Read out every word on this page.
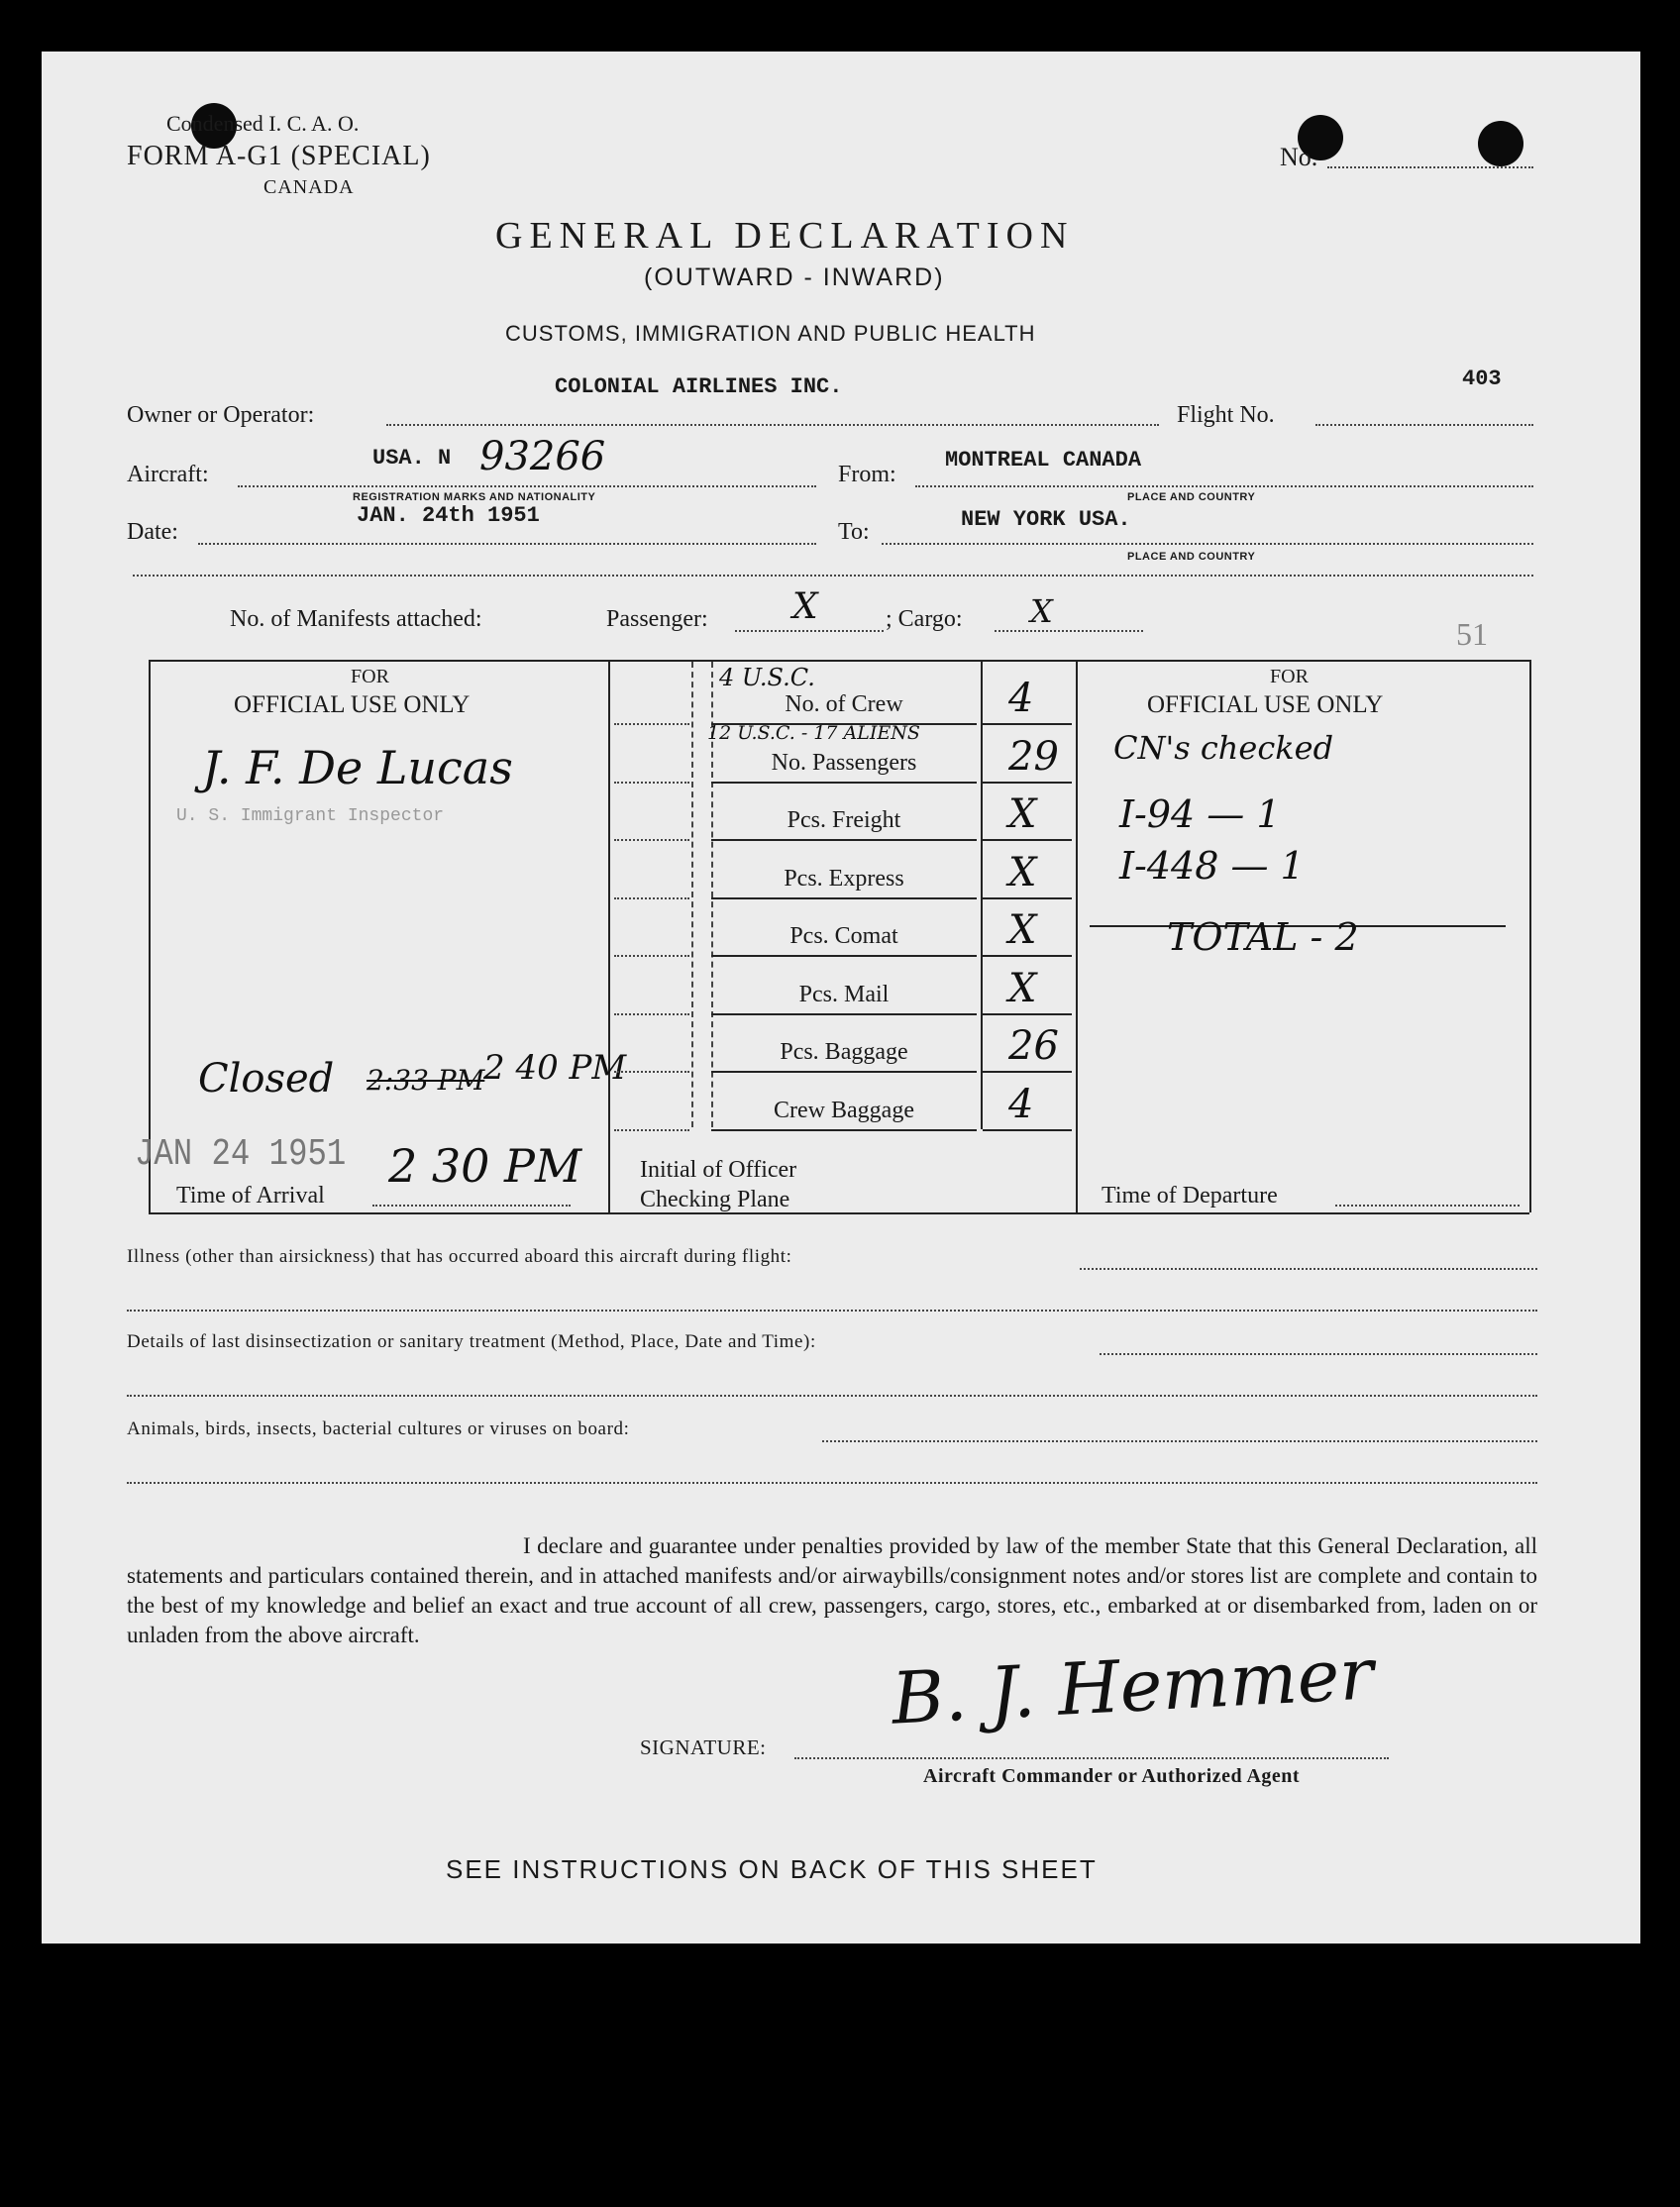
Condensed I. C. A. O.
FORM A-G1 (SPECIAL)
CANADA
No.
GENERAL DECLARATION
(OUTWARD - INWARD)
CUSTOMS, IMMIGRATION AND PUBLIC HEALTH
COLONIAL AIRLINES INC.	403
Owner or Operator:	Flight No.
USA. N 93266	MONTREAL CANADA
Aircraft:	From:
REGISTRATION MARKS AND NATIONALITY	PLACE AND COUNTRY
JAN. 24th 1951	NEW YORK USA.
Date:	To:
PLACE AND COUNTRY
No. of Manifests attached:	Passenger: X	; Cargo: X
51
FOR
OFFICIAL USE ONLY
J. F. De Lucas
U. S. Immigrant Inspector
Closed 2:33 PM
2 40 PM
JAN 24 1951
Time of Arrival
2 30 PM
4 U.S.C.
No. of Crew	4
12 U.S.C. - 17 ALIENS
No. Passengers	29
Pcs. Freight	X
Pcs. Express	X
Pcs. Comat	X
Pcs. Mail	X
Pcs. Baggage	26
Crew Baggage	4
Initial of Officer Checking Plane
FOR
OFFICIAL USE ONLY
CN's checked
I-94 — 1
I-448 — 1
TOTAL - 2
Time of Departure
Illness (other than airsickness) that has occurred aboard this aircraft during flight:
Details of last disinsectization or sanitary treatment (Method, Place, Date and Time):
Animals, birds, insects, bacterial cultures or viruses on board:
I declare and guarantee under penalties provided by law of the member State that this General Declaration, all statements and particulars contained therein, and in attached manifests and/or airwaybills/consignment notes and/or stores list are complete and contain to the best of my knowledge and belief an exact and true account of all crew, passengers, cargo, stores, etc., embarked at or disembarked from, laden on or unladen from the above aircraft.
SIGNATURE:
B. J. Hemmer
Aircraft Commander or Authorized Agent
SEE INSTRUCTIONS ON BACK OF THIS SHEET
